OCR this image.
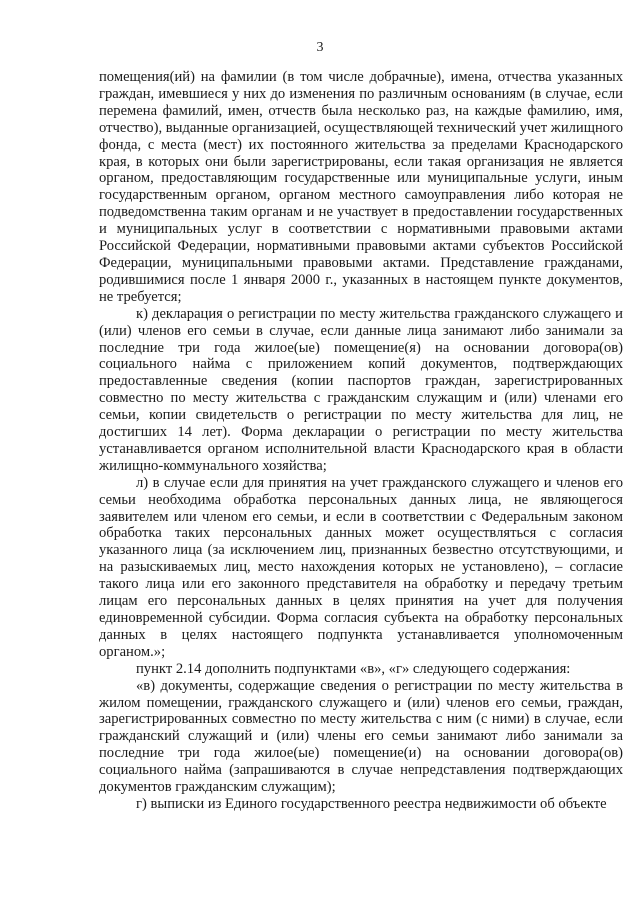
3

помещения(ий) на фамилии (в том числе добрачные), имена, отчества указанных граждан, имевшиеся у них до изменения по различным основаниям (в случае, если перемена фамилий, имен, отчеств была несколько раз, на каждые фамилию, имя, отчество), выданные организацией, осуществляющей технический учет жилищного фонда, с места (мест) их постоянного жительства за пределами Краснодарского края, в которых они были зарегистрированы, если такая организация не является органом, предоставляющим государственные или муниципальные услуги, иным государственным органом, органом местного самоуправления либо которая не подведомственна таким органам и не участвует в предоставлении государственных и муниципальных услуг в соответствии с нормативными правовыми актами Российской Федерации, нормативными правовыми актами субъектов Российской Федерации, муниципальными правовыми актами. Представление гражданами, родившимися после 1 января 2000 г., указанных в настоящем пункте документов, не требуется;

к) декларация о регистрации по месту жительства гражданского служащего и (или) членов его семьи в случае, если данные лица занимают либо занимали за последние три года жилое(ые) помещение(я) на основании договора(ов) социального найма с приложением копий документов, подтверждающих предоставленные сведения (копии паспортов граждан, зарегистрированных совместно по месту жительства с гражданским служащим и (или) членами его семьи, копии свидетельств о регистрации по месту жительства для лиц, не достигших 14 лет). Форма декларации о регистрации по месту жительства устанавливается органом исполнительной власти Краснодарского края в области жилищно-коммунального хозяйства;

л) в случае если для принятия на учет гражданского служащего и членов его семьи необходима обработка персональных данных лица, не являющегося заявителем или членом его семьи, и если в соответствии с Федеральным законом обработка таких персональных данных может осуществляться с согласия указанного лица (за исключением лиц, признанных безвестно отсутствующими, и на разыскиваемых лиц, место нахождения которых не установлено), – согласие такого лица или его законного представителя на обработку и передачу третьим лицам его персональных данных в целях принятия на учет для получения единовременной субсидии. Форма согласия субъекта на обработку персональных данных в целях настоящего подпункта устанавливается уполномоченным органом.»;

пункт 2.14 дополнить подпунктами «в», «г» следующего содержания:

«в) документы, содержащие сведения о регистрации по месту жительства в жилом помещении, гражданского служащего и (или) членов его семьи, граждан, зарегистрированных совместно по месту жительства с ним (с ними) в случае, если гражданский служащий и (или) члены его семьи занимают либо занимали за последние три года жилое(ые) помещение(и) на основании договора(ов) социального найма (запрашиваются в случае непредставления подтверждающих документов гражданским служащим);

г) выписки из Единого государственного реестра недвижимости об объекте
